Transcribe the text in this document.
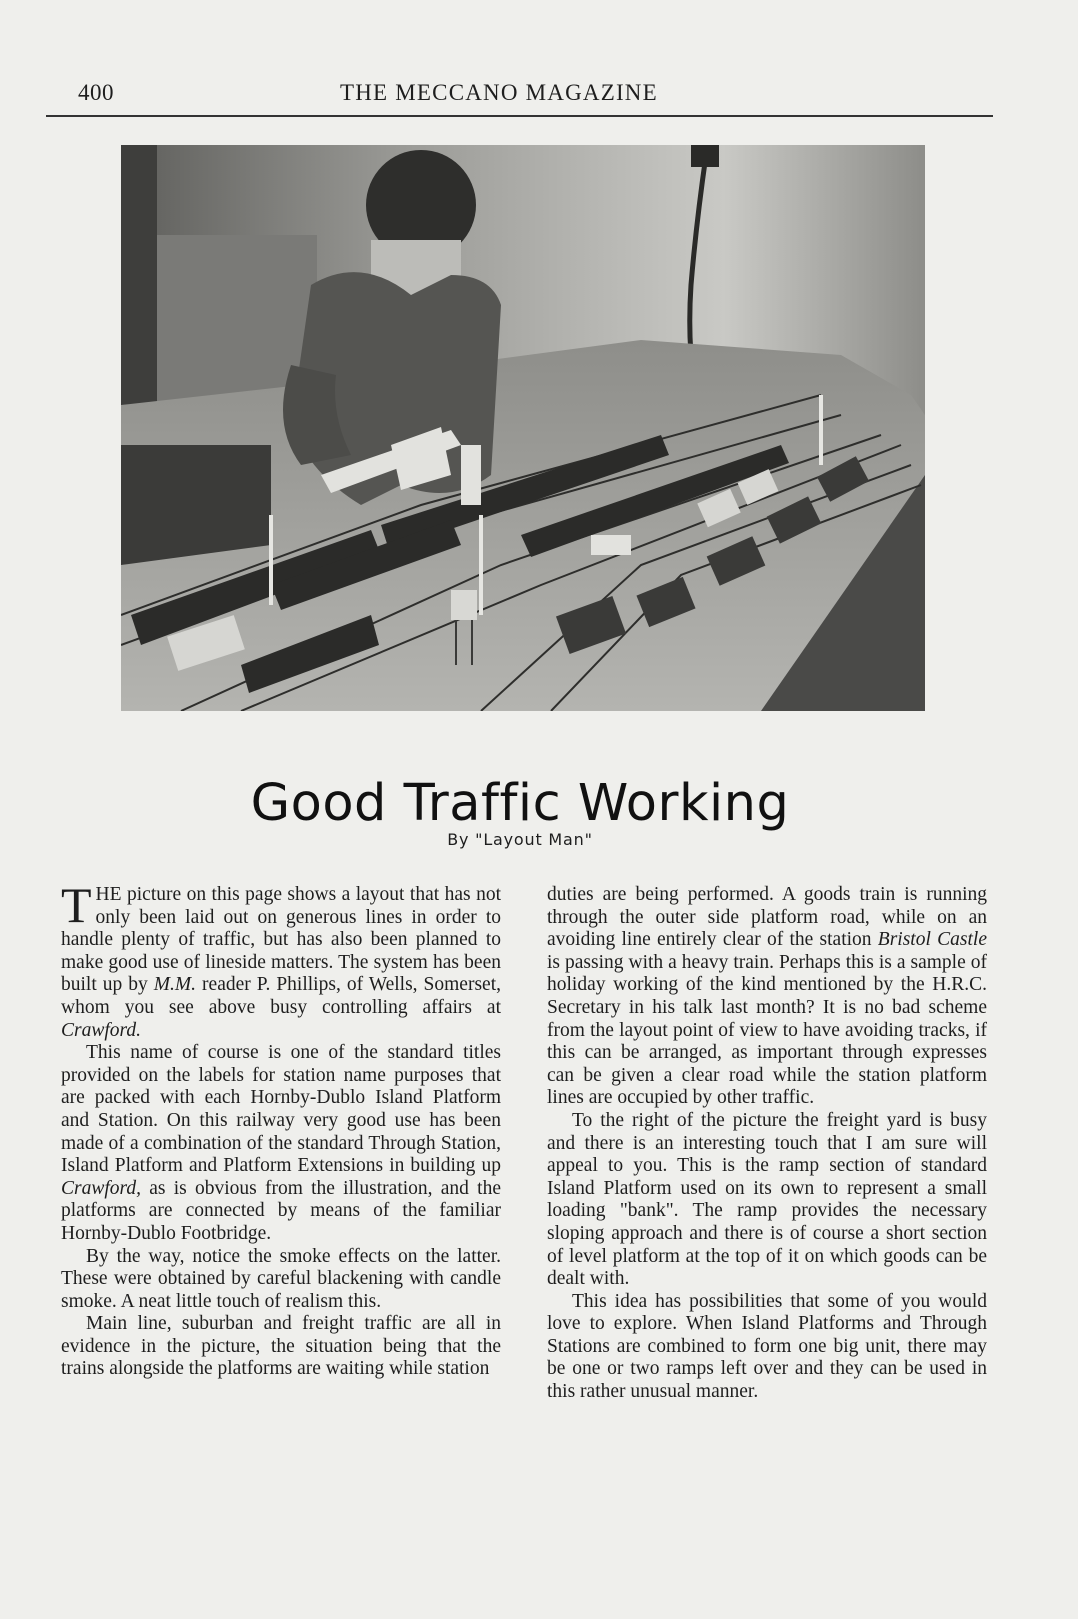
400	THE MECCANO MAGAZINE
Good Traffic Working
By "Layout Man"

THE picture on this page shows a layout that has not only been laid out on generous lines in order to handle plenty of traffic, but has also been planned to make good use of lineside matters. The system has been built up by M.M. reader P. Phillips, of Wells, Somerset, whom you see above busy controlling affairs at Crawford.

This name of course is one of the standard titles provided on the labels for station name purposes that are packed with each Hornby-Dublo Island Platform and Station. On this railway very good use has been made of a combination of the standard Through Station, Island Platform and Platform Extensions in building up Crawford, as is obvious from the illustration, and the platforms are connected by means of the familiar Hornby-Dublo Footbridge.

By the way, notice the smoke effects on the latter. These were obtained by careful blackening with candle smoke. A neat little touch of realism this.

Main line, suburban and freight traffic are all in evidence in the picture, the situation being that the trains alongside the platforms are waiting while station

duties are being performed. A goods train is running through the outer side platform road, while on an avoiding line entirely clear of the station Bristol Castle is passing with a heavy train. Perhaps this is a sample of holiday working of the kind mentioned by the H.R.C. Secretary in his talk last month? It is no bad scheme from the layout point of view to have avoiding tracks, if this can be arranged, as important through expresses can be given a clear road while the station platform lines are occupied by other traffic.

To the right of the picture the freight yard is busy and there is an interesting touch that I am sure will appeal to you. This is the ramp section of standard Island Platform used on its own to represent a small loading "bank". The ramp provides the necessary sloping approach and there is of course a short section of level platform at the top of it on which goods can be dealt with.

This idea has possibilities that some of you would love to explore. When Island Platforms and Through Stations are combined to form one big unit, there may be one or two ramps left over and they can be used in this rather unusual manner.
